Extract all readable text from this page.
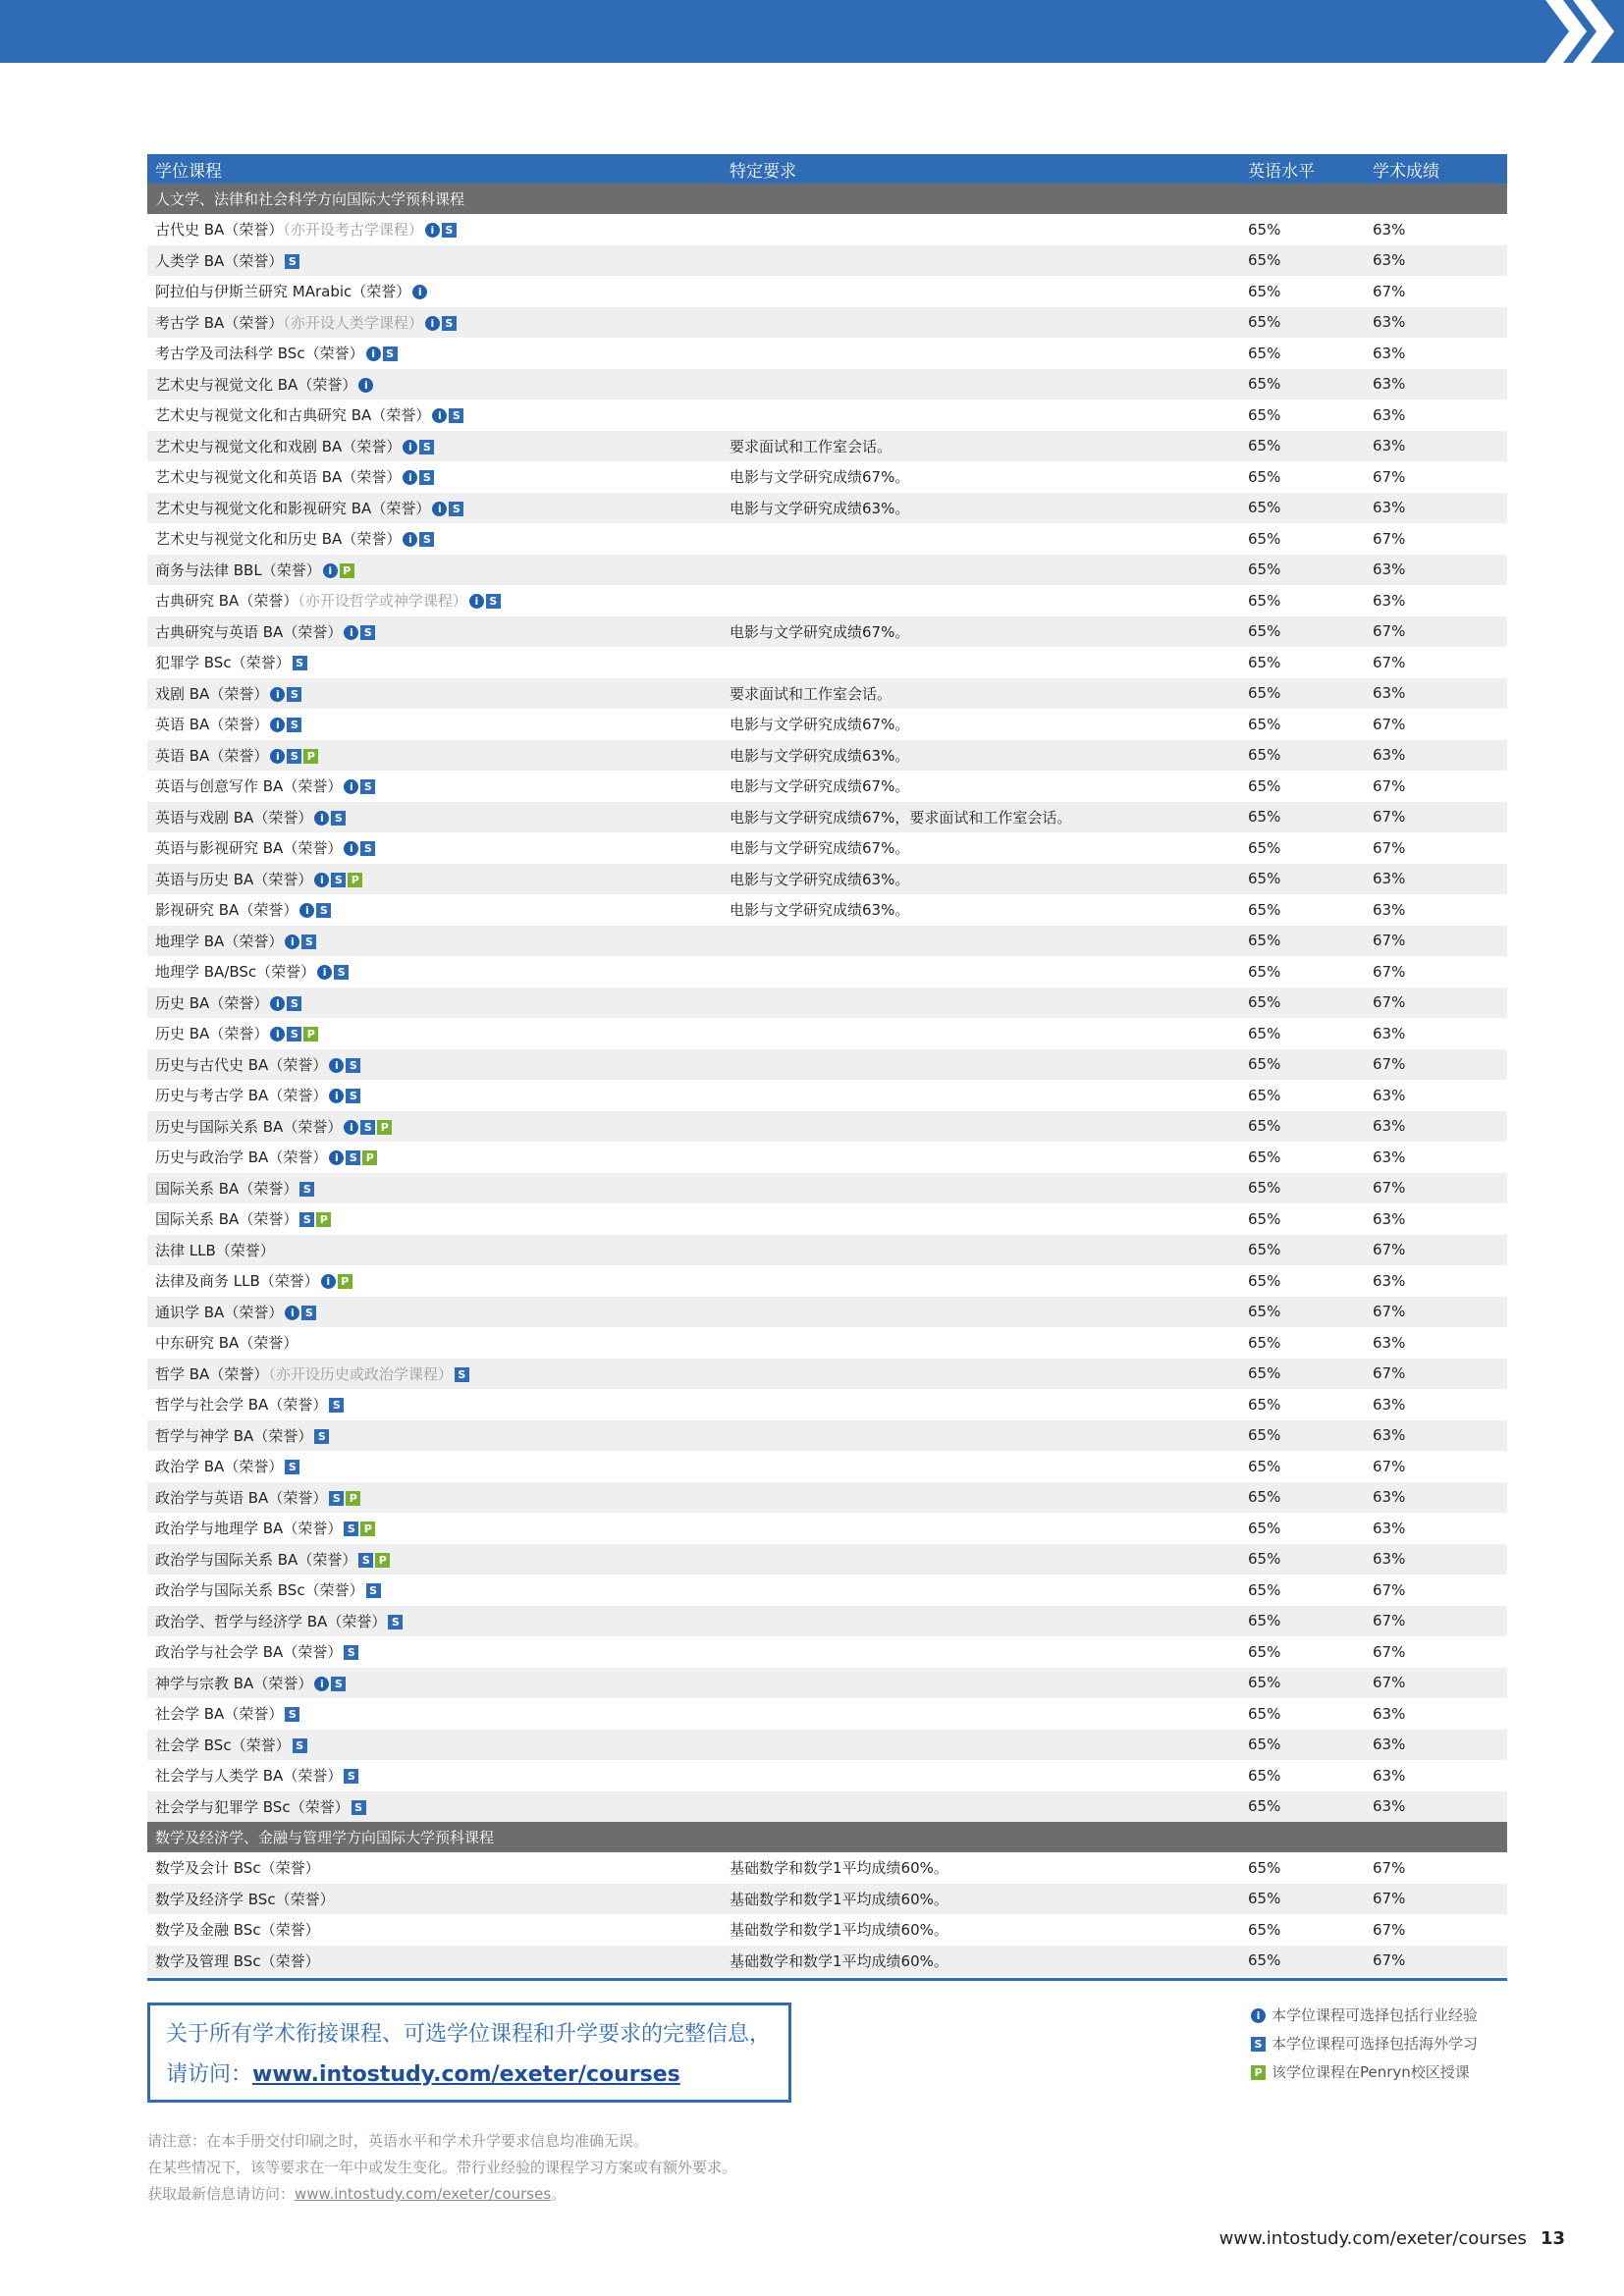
学位课程	特定要求	英语水平	学术成绩
人文学、法律和社会科学方向国际大学预科课程			
古代史 BA（荣誉）（亦开设考古学课程） i S		65%	63%
人类学 BA（荣誉） S		65%	63%
阿拉伯与伊斯兰研究 MArabic（荣誉） i		65%	67%
考古学 BA（荣誉）（亦开设人类学课程） i S		65%	63%
考古学及司法科学 BSc（荣誉） i S		65%	63%
艺术史与视觉文化 BA（荣誉） i		65%	63%
艺术史与视觉文化和古典研究 BA（荣誉） i S		65%	63%
艺术史与视觉文化和戏剧 BA（荣誉） i S	要求面试和工作室会话。	65%	63%
艺术史与视觉文化和英语 BA（荣誉） i S	电影与文学研究成绩67%。	65%	67%
艺术史与视觉文化和影视研究 BA（荣誉） i S	电影与文学研究成绩63%。	65%	63%
艺术史与视觉文化和历史 BA（荣誉） i S		65%	67%
商务与法律 BBL（荣誉） i P		65%	63%
古典研究 BA（荣誉）（亦开设哲学或神学课程） i S		65%	63%
古典研究与英语 BA（荣誉） i S	电影与文学研究成绩67%。	65%	67%
犯罪学 BSc（荣誉） S		65%	67%
戏剧 BA（荣誉） i S	要求面试和工作室会话。	65%	63%
英语 BA（荣誉） i S	电影与文学研究成绩67%。	65%	67%
英语 BA（荣誉） i S P	电影与文学研究成绩63%。	65%	63%
英语与创意写作 BA（荣誉） i S	电影与文学研究成绩67%。	65%	67%
英语与戏剧 BA（荣誉） i S	电影与文学研究成绩67%，要求面试和工作室会话。	65%	67%
英语与影视研究 BA（荣誉） i S	电影与文学研究成绩67%。	65%	67%
英语与历史 BA（荣誉） i S P	电影与文学研究成绩63%。	65%	63%
影视研究 BA（荣誉） i S	电影与文学研究成绩63%。	65%	63%
地理学 BA（荣誉） i S		65%	67%
地理学 BA/BSc（荣誉） i S		65%	67%
历史 BA（荣誉） i S		65%	67%
历史 BA（荣誉） i S P		65%	63%
历史与古代史 BA（荣誉） i S		65%	67%
历史与考古学 BA（荣誉） i S		65%	63%
历史与国际关系 BA（荣誉） i S P		65%	63%
历史与政治学 BA（荣誉） i S P		65%	63%
国际关系 BA（荣誉） S		65%	67%
国际关系 BA（荣誉） S P		65%	63%
法律 LLB（荣誉）		65%	67%
法律及商务 LLB（荣誉） i P		65%	63%
通识学 BA（荣誉） i S		65%	67%
中东研究 BA（荣誉）		65%	63%
哲学 BA（荣誉）（亦开设历史或政治学课程） S		65%	67%
哲学与社会学 BA（荣誉） S		65%	63%
哲学与神学 BA（荣誉） S		65%	63%
政治学 BA（荣誉） S		65%	67%
政治学与英语 BA（荣誉） S P		65%	63%
政治学与地理学 BA（荣誉） S P		65%	63%
政治学与国际关系 BA（荣誉） S P		65%	63%
政治学与国际关系 BSc（荣誉） S		65%	67%
政治学、哲学与经济学 BA（荣誉） S		65%	67%
政治学与社会学 BA（荣誉） S		65%	67%
神学与宗教 BA（荣誉） i S		65%	67%
社会学 BA（荣誉） S		65%	63%
社会学 BSc（荣誉） S		65%	63%
社会学与人类学 BA（荣誉） S		65%	63%
社会学与犯罪学 BSc（荣誉） S		65%	63%
数学及经济学、金融与管理学方向国际大学预科课程			
数学及会计 BSc（荣誉）	基础数学和数学1平均成绩60%。	65%	67%
数学及经济学 BSc（荣誉）	基础数学和数学1平均成绩60%。	65%	67%
数学及金融 BSc（荣誉）	基础数学和数学1平均成绩60%。	65%	67%
数学及管理 BSc（荣誉）	基础数学和数学1平均成绩60%。	65%	67%
关于所有学术衔接课程、可选学位课程和升学要求的完整信息，
请访问：www.intostudy.com/exeter/courses
i 本学位课程可选择包括行业经验
S 本学位课程可选择包括海外学习
P 该学位课程在Penryn校区授课
请注意：在本手册交付印刷之时，英语水平和学术升学要求信息均准确无误。
在某些情况下，该等要求在一年中或发生变化。带行业经验的课程学习方案或有额外要求。
获取最新信息请访问：www.intostudy.com/exeter/courses。
www.intostudy.com/exeter/courses 13
